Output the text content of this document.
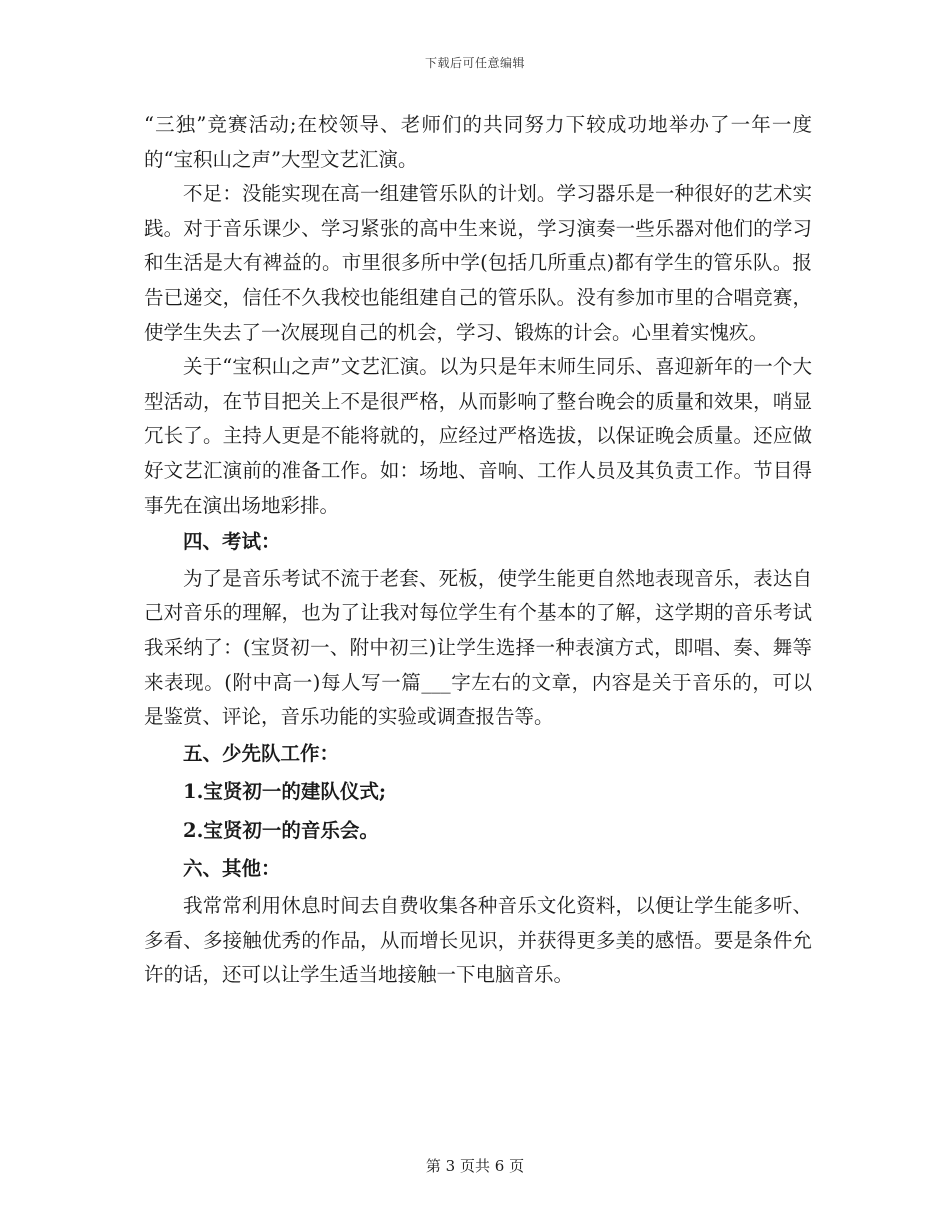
下载后可任意编辑

“三独”竞赛活动;在校领导、老师们的共同努力下较成功地举办了一年一度的“宝积山之声”大型文艺汇演。

不足：没能实现在高一组建管乐队的计划。学习器乐是一种很好的艺术实践。对于音乐课少、学习紧张的高中生来说，学习演奏一些乐器对他们的学习和生活是大有裨益的。市里很多所中学(包括几所重点)都有学生的管乐队。报告已递交，信任不久我校也能组建自己的管乐队。没有参加市里的合唱竞赛，使学生失去了一次展现自己的机会，学习、锻炼的计会。心里着实愧疚。

关于“宝积山之声”文艺汇演。以为只是年末师生同乐、喜迎新年的一个大型活动，在节目把关上不是很严格，从而影响了整台晚会的质量和效果，哨显冗长了。主持人更是不能将就的，应经过严格选拔，以保证晚会质量。还应做好文艺汇演前的准备工作。如：场地、音响、工作人员及其负责工作。节目得事先在演出场地彩排。

四、考试：

为了是音乐考试不流于老套、死板，使学生能更自然地表现音乐，表达自己对音乐的理解，也为了让我对每位学生有个基本的了解，这学期的音乐考试我采纳了：(宝贤初一、附中初三)让学生选择一种表演方式，即唱、奏、舞等来表现。(附中高一)每人写一篇___字左右的文章，内容是关于音乐的，可以是鉴赏、评论，音乐功能的实验或调查报告等。

五、少先队工作：

1.宝贤初一的建队仪式;

2.宝贤初一的音乐会。

六、其他：

我常常利用休息时间去自费收集各种音乐文化资料，以便让学生能多听、多看、多接触优秀的作品，从而增长见识，并获得更多美的感悟。要是条件允许的话，还可以让学生适当地接触一下电脑音乐。

第 3 页共 6 页
